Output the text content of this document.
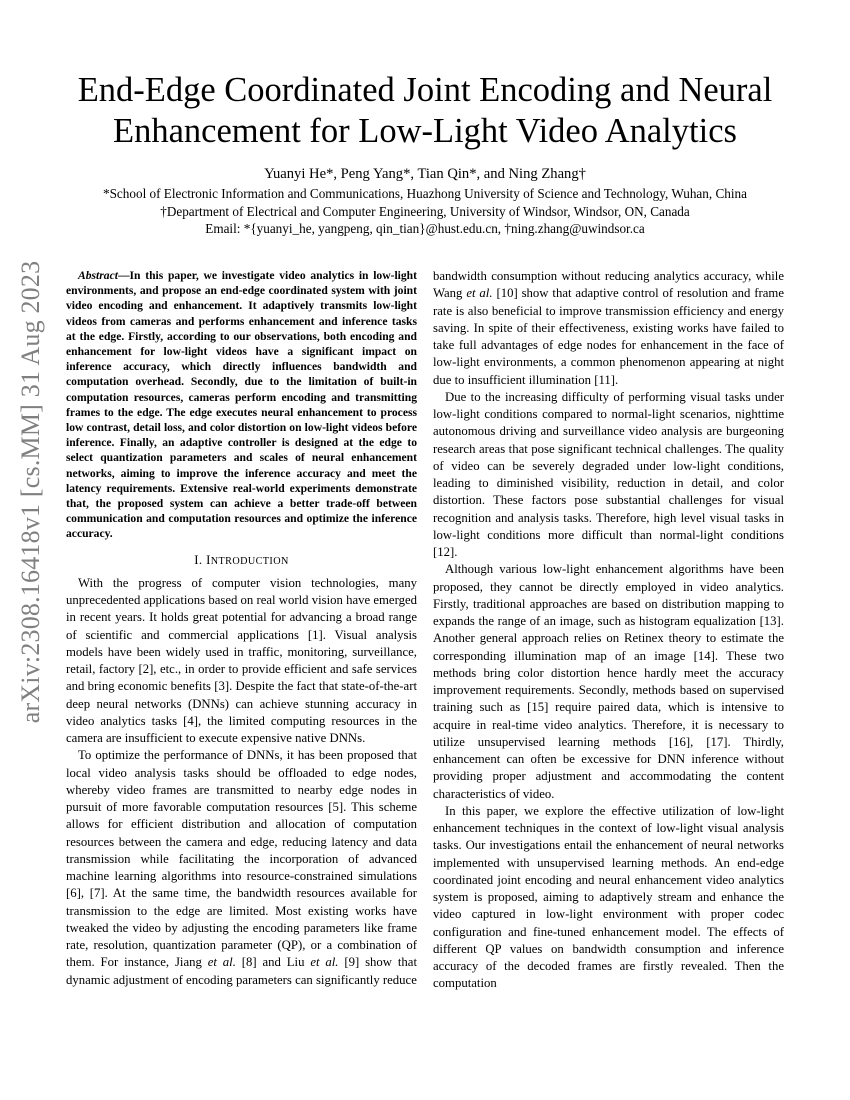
arXiv:2308.16418v1 [cs.MM] 31 Aug 2023
End-Edge Coordinated Joint Encoding and Neural
Enhancement for Low-Light Video Analytics
Yuanyi He*, Peng Yang*, Tian Qin*, and Ning Zhang†
*School of Electronic Information and Communications, Huazhong University of Science and Technology, Wuhan, China
†Department of Electrical and Computer Engineering, University of Windsor, Windsor, ON, Canada
Email: *{yuanyi_he, yangpeng, qin_tian}@hust.edu.cn, †ning.zhang@uwindsor.ca

Abstract—In this paper, we investigate video analytics in low-light environments, and propose an end-edge coordinated system with joint video encoding and enhancement. It adaptively transmits low-light videos from cameras and performs enhancement and inference tasks at the edge. Firstly, according to our observations, both encoding and enhancement for low-light videos have a significant impact on inference accuracy, which directly influences bandwidth and computation overhead. Secondly, due to the limitation of built-in computation resources, cameras perform encoding and transmitting frames to the edge. The edge executes neural enhancement to process low contrast, detail loss, and color distortion on low-light videos before inference. Finally, an adaptive controller is designed at the edge to select quantization parameters and scales of neural enhancement networks, aiming to improve the inference accuracy and meet the latency requirements. Extensive real-world experiments demonstrate that, the proposed system can achieve a better trade-off between communication and computation resources and optimize the inference accuracy.

I. INTRODUCTION

With the progress of computer vision technologies, many unprecedented applications based on real world vision have emerged in recent years. It holds great potential for advancing a broad range of scientific and commercial applications [1]. Visual analysis models have been widely used in traffic, monitoring, surveillance, retail, factory [2], etc., in order to provide efficient and safe services and bring economic benefits [3]. Despite the fact that state-of-the-art deep neural networks (DNNs) can achieve stunning accuracy in video analytics tasks [4], the limited computing resources in the camera are insufficient to execute expensive native DNNs.

To optimize the performance of DNNs, it has been proposed that local video analysis tasks should be offloaded to edge nodes, whereby video frames are transmitted to nearby edge nodes in pursuit of more favorable computation resources [5]. This scheme allows for efficient distribution and allocation of computation resources between the camera and edge, reducing latency and data transmission while facilitating the incorporation of advanced machine learning algorithms into resource-constrained simulations [6], [7]. At the same time, the bandwidth resources available for transmission to the edge are limited. Most existing works have tweaked the video by adjusting the encoding parameters like frame rate, resolution, quantization parameter (QP), or a combination of them. For instance, Jiang et al. [8] and Liu et al. [9] show that dynamic adjustment of encoding parameters can significantly reduce

bandwidth consumption without reducing analytics accuracy, while Wang et al. [10] show that adaptive control of resolution and frame rate is also beneficial to improve transmission efficiency and energy saving. In spite of their effectiveness, existing works have failed to take full advantages of edge nodes for enhancement in the face of low-light environments, a common phenomenon appearing at night due to insufficient illumination [11].

Due to the increasing difficulty of performing visual tasks under low-light conditions compared to normal-light scenarios, nighttime autonomous driving and surveillance video analysis are burgeoning research areas that pose significant technical challenges. The quality of video can be severely degraded under low-light conditions, leading to diminished visibility, reduction in detail, and color distortion. These factors pose substantial challenges for visual recognition and analysis tasks. Therefore, high level visual tasks in low-light conditions more difficult than normal-light conditions [12].

Although various low-light enhancement algorithms have been proposed, they cannot be directly employed in video analytics. Firstly, traditional approaches are based on distribution mapping to expands the range of an image, such as histogram equalization [13]. Another general approach relies on Retinex theory to estimate the corresponding illumination map of an image [14]. These two methods bring color distortion hence hardly meet the accuracy improvement requirements. Secondly, methods based on supervised training such as [15] require paired data, which is intensive to acquire in real-time video analytics. Therefore, it is necessary to utilize unsupervised learning methods [16], [17]. Thirdly, enhancement can often be excessive for DNN inference without providing proper adjustment and accommodating the content characteristics of video.

In this paper, we explore the effective utilization of low-light enhancement techniques in the context of low-light visual analysis tasks. Our investigations entail the enhancement of neural networks implemented with unsupervised learning methods. An end-edge coordinated joint encoding and neural enhancement video analytics system is proposed, aiming to adaptively stream and enhance the video captured in low-light environment with proper codec configuration and fine-tuned enhancement model. The effects of different QP values on bandwidth consumption and inference accuracy of the decoded frames are firstly revealed. Then the computation
